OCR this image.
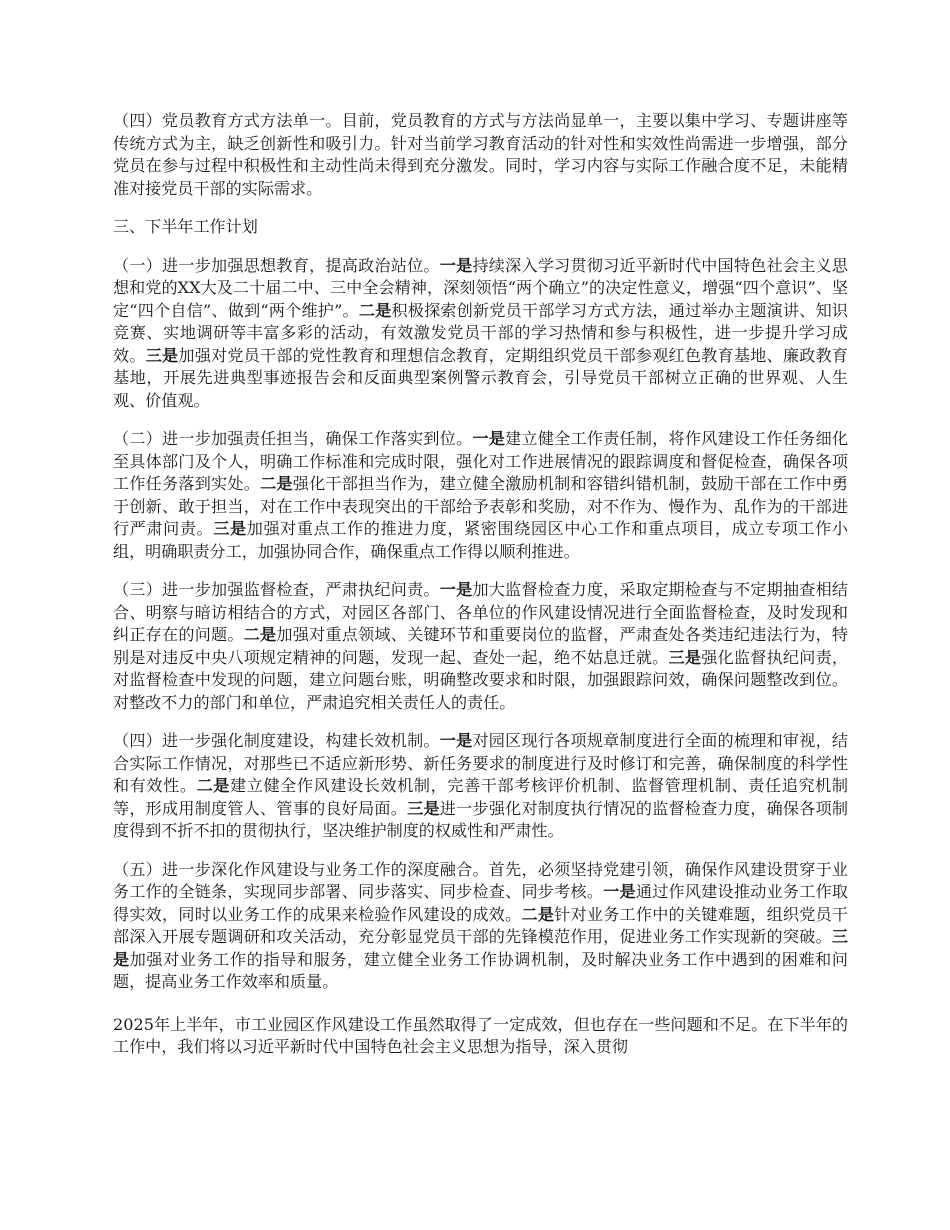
（四）党员教育方式方法单一。目前，党员教育的方式与方法尚显单一，主要以集中学习、专题讲座等传统方式为主，缺乏创新性和吸引力。针对当前学习教育活动的针对性和实效性尚需进一步增强，部分党员在参与过程中积极性和主动性尚未得到充分激发。同时，学习内容与实际工作融合度不足，未能精准对接党员干部的实际需求。

三、下半年工作计划

（一）进一步加强思想教育，提高政治站位。一是持续深入学习贯彻习近平新时代中国特色社会主义思想和党的XX大及二十届二中、三中全会精神，深刻领悟“两个确立”的决定性意义，增强“四个意识”、坚定“四个自信”、做到“两个维护”。二是积极探索创新党员干部学习方式方法，通过举办主题演讲、知识竞赛、实地调研等丰富多彩的活动，有效激发党员干部的学习热情和参与积极性，进一步提升学习成效。三是加强对党员干部的党性教育和理想信念教育，定期组织党员干部参观红色教育基地、廉政教育基地，开展先进典型事迹报告会和反面典型案例警示教育会，引导党员干部树立正确的世界观、人生观、价值观。

（二）进一步加强责任担当，确保工作落实到位。一是建立健全工作责任制，将作风建设工作任务细化至具体部门及个人，明确工作标准和完成时限，强化对工作进展情况的跟踪调度和督促检查，确保各项工作任务落到实处。二是强化干部担当作为，建立健全激励机制和容错纠错机制，鼓励干部在工作中勇于创新、敢于担当，对在工作中表现突出的干部给予表彰和奖励，对不作为、慢作为、乱作为的干部进行严肃问责。三是加强对重点工作的推进力度，紧密围绕园区中心工作和重点项目，成立专项工作小组，明确职责分工，加强协同合作，确保重点工作得以顺利推进。

（三）进一步加强监督检查，严肃执纪问责。一是加大监督检查力度，采取定期检查与不定期抽查相结合、明察与暗访相结合的方式，对园区各部门、各单位的作风建设情况进行全面监督检查，及时发现和纠正存在的问题。二是加强对重点领域、关键环节和重要岗位的监督，严肃查处各类违纪违法行为，特别是对违反中央八项规定精神的问题，发现一起、查处一起，绝不姑息迁就。三是强化监督执纪问责，对监督检查中发现的问题，建立问题台账，明确整改要求和时限，加强跟踪问效，确保问题整改到位。对整改不力的部门和单位，严肃追究相关责任人的责任。

（四）进一步强化制度建设，构建长效机制。一是对园区现行各项规章制度进行全面的梳理和审视，结合实际工作情况，对那些已不适应新形势、新任务要求的制度进行及时修订和完善，确保制度的科学性和有效性。二是建立健全作风建设长效机制，完善干部考核评价机制、监督管理机制、责任追究机制等，形成用制度管人、管事的良好局面。三是进一步强化对制度执行情况的监督检查力度，确保各项制度得到不折不扣的贯彻执行，坚决维护制度的权威性和严肃性。

（五）进一步深化作风建设与业务工作的深度融合。首先，必须坚持党建引领，确保作风建设贯穿于业务工作的全链条，实现同步部署、同步落实、同步检查、同步考核。一是通过作风建设推动业务工作取得实效，同时以业务工作的成果来检验作风建设的成效。二是针对业务工作中的关键难题，组织党员干部深入开展专题调研和攻关活动，充分彰显党员干部的先锋模范作用，促进业务工作实现新的突破。三是加强对业务工作的指导和服务，建立健全业务工作协调机制，及时解决业务工作中遇到的困难和问题，提高业务工作效率和质量。

2025年上半年，市工业园区作风建设工作虽然取得了一定成效，但也存在一些问题和不足。在下半年的工作中，我们将以习近平新时代中国特色社会主义思想为指导，深入贯彻
